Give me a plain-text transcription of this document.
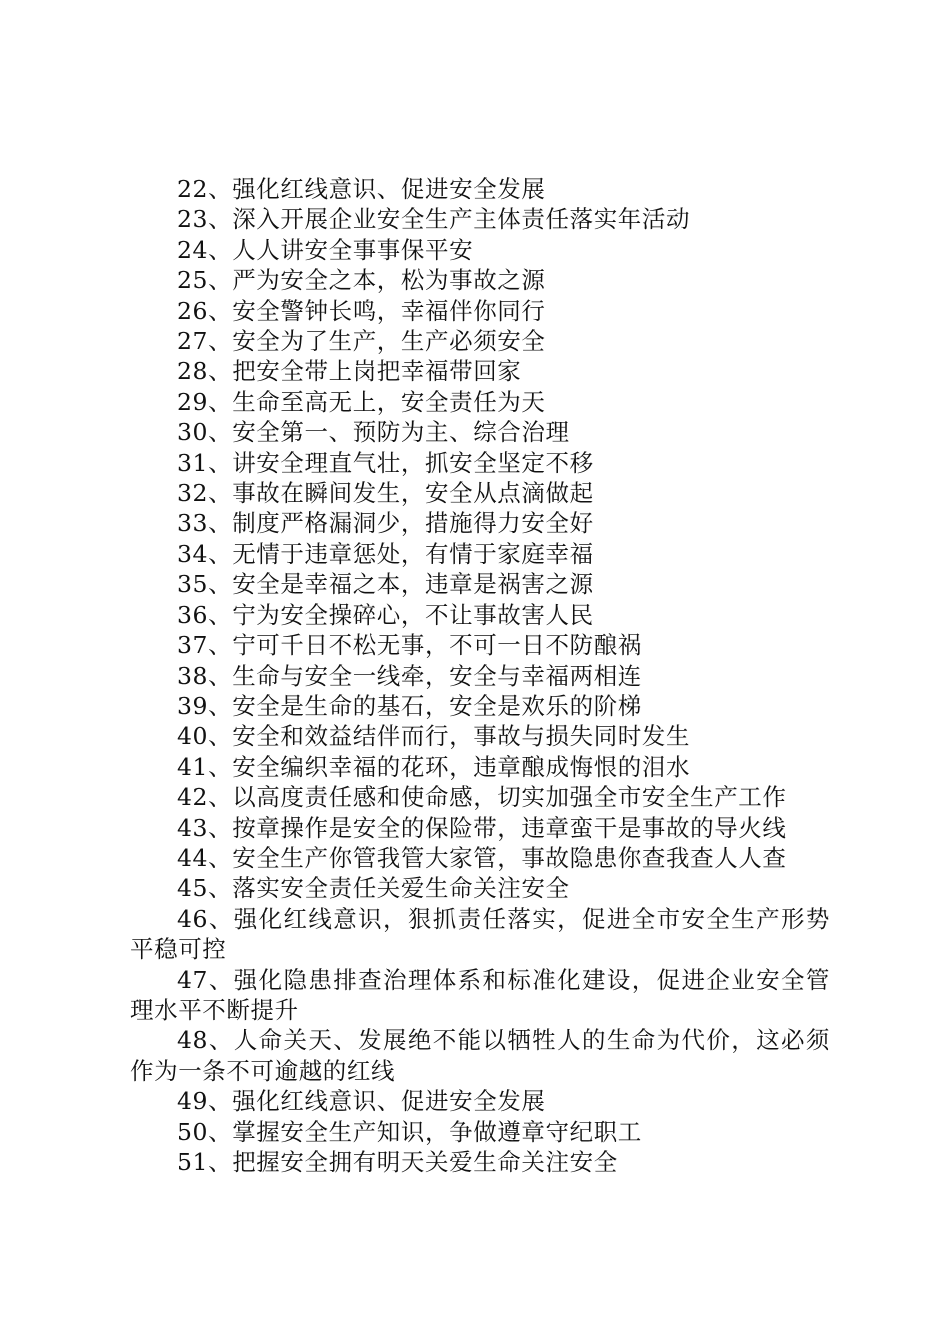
22、强化红线意识、促进安全发展

23、深入开展企业安全生产主体责任落实年活动

24、人人讲安全事事保平安

25、严为安全之本，松为事故之源

26、安全警钟长鸣，幸福伴你同行

27、安全为了生产，生产必须安全

28、把安全带上岗把幸福带回家

29、生命至高无上，安全责任为天

30、安全第一、预防为主、综合治理

31、讲安全理直气壮，抓安全坚定不移

32、事故在瞬间发生，安全从点滴做起

33、制度严格漏洞少，措施得力安全好

34、无情于违章惩处，有情于家庭幸福

35、安全是幸福之本，违章是祸害之源

36、宁为安全操碎心，不让事故害人民

37、宁可千日不松无事，不可一日不防酿祸

38、生命与安全一线牵，安全与幸福两相连

39、安全是生命的基石，安全是欢乐的阶梯

40、安全和效益结伴而行，事故与损失同时发生

41、安全编织幸福的花环，违章酿成悔恨的泪水

42、以高度责任感和使命感，切实加强全市安全生产工作

43、按章操作是安全的保险带，违章蛮干是事故的导火线

44、安全生产你管我管大家管，事故隐患你查我查人人查

45、落实安全责任关爱生命关注安全

46、强化红线意识，狠抓责任落实，促进全市安全生产形势平稳可控

47、强化隐患排查治理体系和标准化建设，促进企业安全管理水平不断提升

48、人命关天、发展绝不能以牺牲人的生命为代价，这必须作为一条不可逾越的红线

49、强化红线意识、促进安全发展

50、掌握安全生产知识，争做遵章守纪职工

51、把握安全拥有明天关爱生命关注安全
